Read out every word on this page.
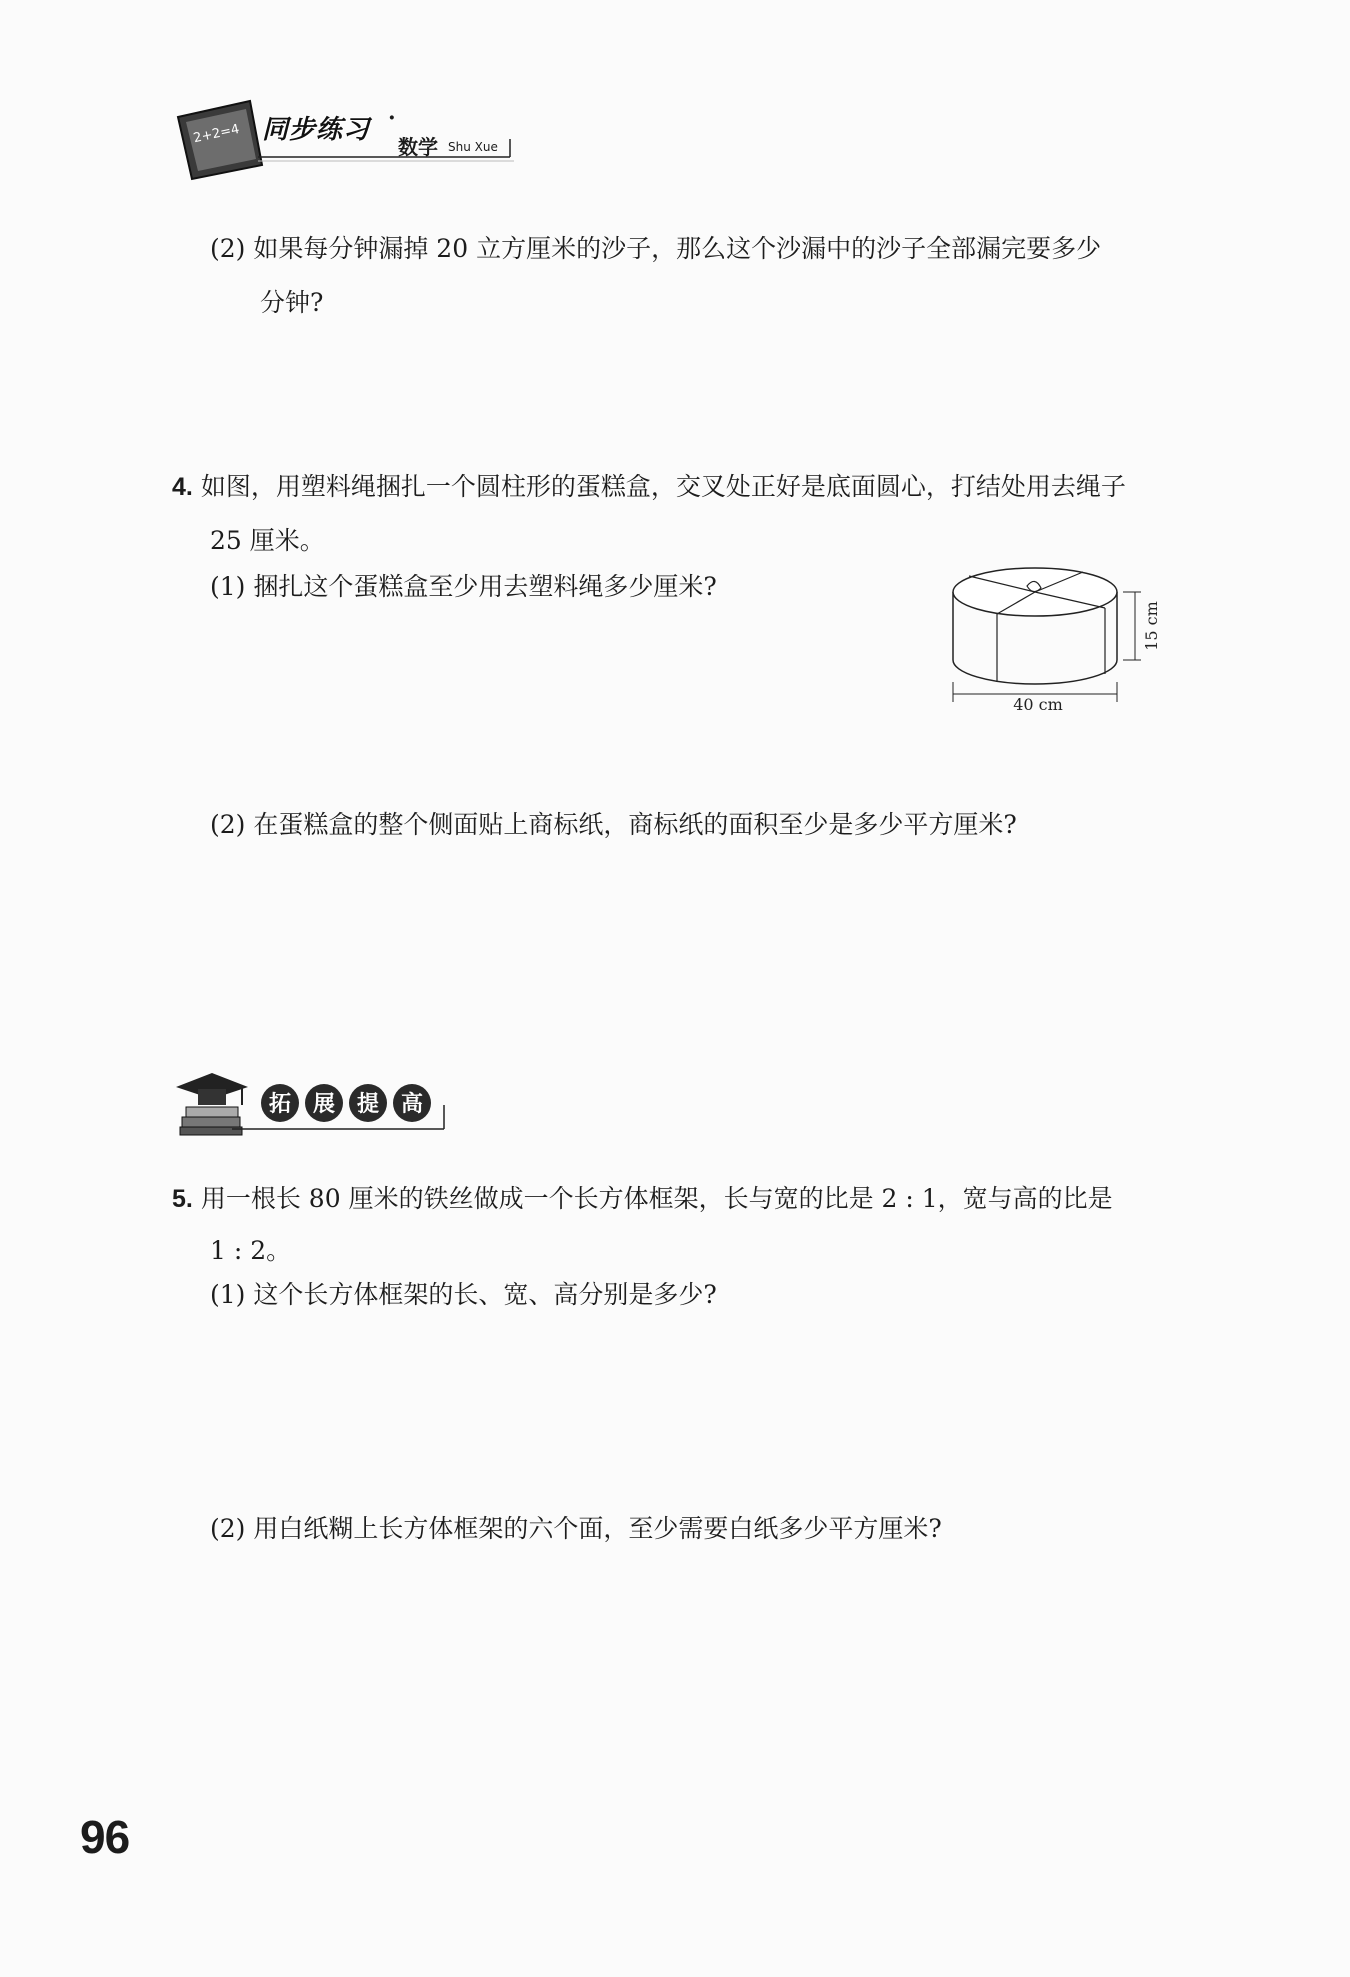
2+2=4 同步练习 ·
数学 Shu Xue
(2) 如果每分钟漏掉 20 立方厘米的沙子，那么这个沙漏中的沙子全部漏完要多少
分钟?
4. 如图，用塑料绳捆扎一个圆柱形的蛋糕盒，交叉处正好是底面圆心，打结处用去绳子
25 厘米。
(1) 捆扎这个蛋糕盒至少用去塑料绳多少厘米?
15 cm
40 cm
(2) 在蛋糕盒的整个侧面贴上商标纸，商标纸的面积至少是多少平方厘米?
拓 展 提 高
5. 用一根长 80 厘米的铁丝做成一个长方体框架，长与宽的比是 2 : 1，宽与高的比是
1 : 2。
(1) 这个长方体框架的长、宽、高分别是多少?
(2) 用白纸糊上长方体框架的六个面，至少需要白纸多少平方厘米?
96
